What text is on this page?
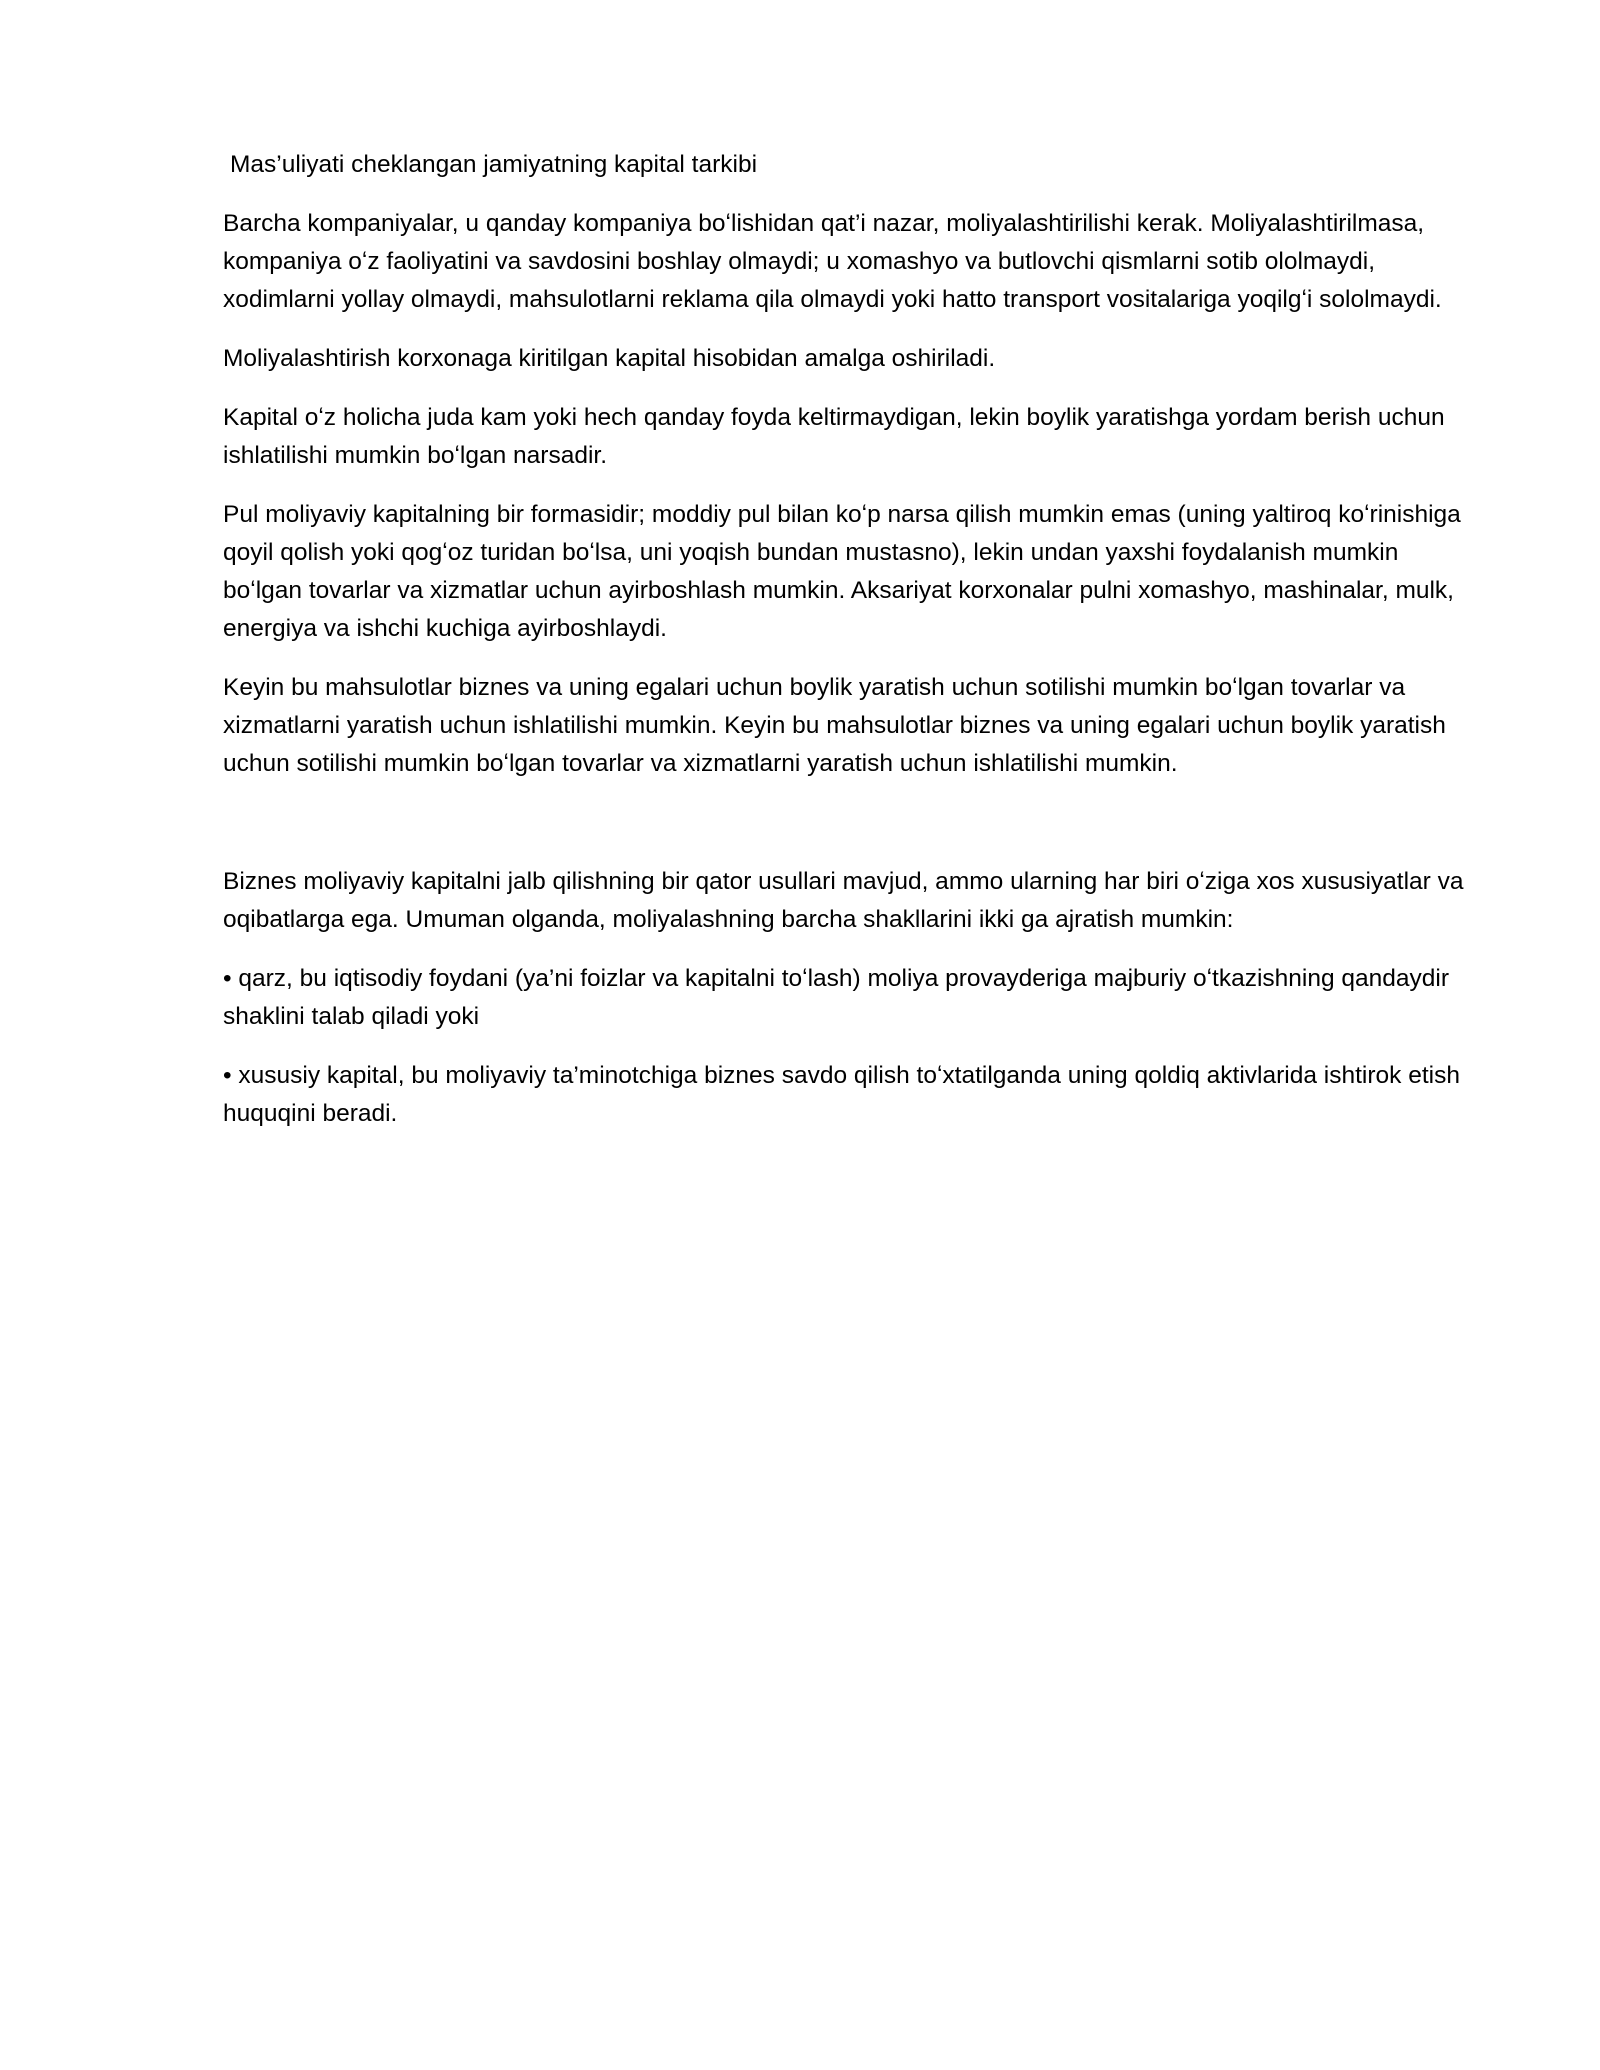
Mas’uliyati cheklangan jamiyatning kapital tarkibi

Barcha kompaniyalar, u qanday kompaniya boʻlishidan qat’i nazar, moliyalashtirilishi kerak. Moliyalashtirilmasa, kompaniya oʻz faoliyatini va savdosini boshlay olmaydi; u xomashyo va butlovchi qismlarni sotib ololmaydi, xodimlarni yollay olmaydi, mahsulotlarni reklama qila olmaydi yoki hatto transport vositalariga yoqilgʻi sololmaydi.

Moliyalashtirish korxonaga kiritilgan kapital hisobidan amalga oshiriladi.

Kapital oʻz holicha juda kam yoki hech qanday foyda keltirmaydigan, lekin boylik yaratishga yordam berish uchun ishlatilishi mumkin boʻlgan narsadir.

Pul moliyaviy kapitalning bir formasidir; moddiy pul bilan koʻp narsa qilish mumkin emas (uning yaltiroq koʻrinishiga qoyil qolish yoki qogʻoz turidan boʻlsa, uni yoqish bundan mustasno), lekin undan yaxshi foydalanish mumkin boʻlgan tovarlar va xizmatlar uchun ayirboshlash mumkin. Aksariyat korxonalar pulni xomashyo, mashinalar, mulk, energiya va ishchi kuchiga ayirboshlaydi.

Keyin bu mahsulotlar biznes va uning egalari uchun boylik yaratish uchun sotilishi mumkin boʻlgan tovarlar va xizmatlarni yaratish uchun ishlatilishi mumkin. Keyin bu mahsulotlar biznes va uning egalari uchun boylik yaratish uchun sotilishi mumkin boʻlgan tovarlar va xizmatlarni yaratish uchun ishlatilishi mumkin.

Biznes moliyaviy kapitalni jalb qilishning bir qator usullari mavjud, ammo ularning har biri oʻziga xos xususiyatlar va oqibatlarga ega. Umuman olganda, moliyalashning barcha shakllarini ikki ga ajratish mumkin:

• qarz, bu iqtisodiy foydani (ya’ni foizlar va kapitalni toʻlash) moliya provayderiga majburiy oʻtkazishning qandaydir shaklini talab qiladi yoki

• xususiy kapital, bu moliyaviy ta’minotchiga biznes savdo qilish toʻxtatilganda uning qoldiq aktivlarida ishtirok etish huquqini beradi.
